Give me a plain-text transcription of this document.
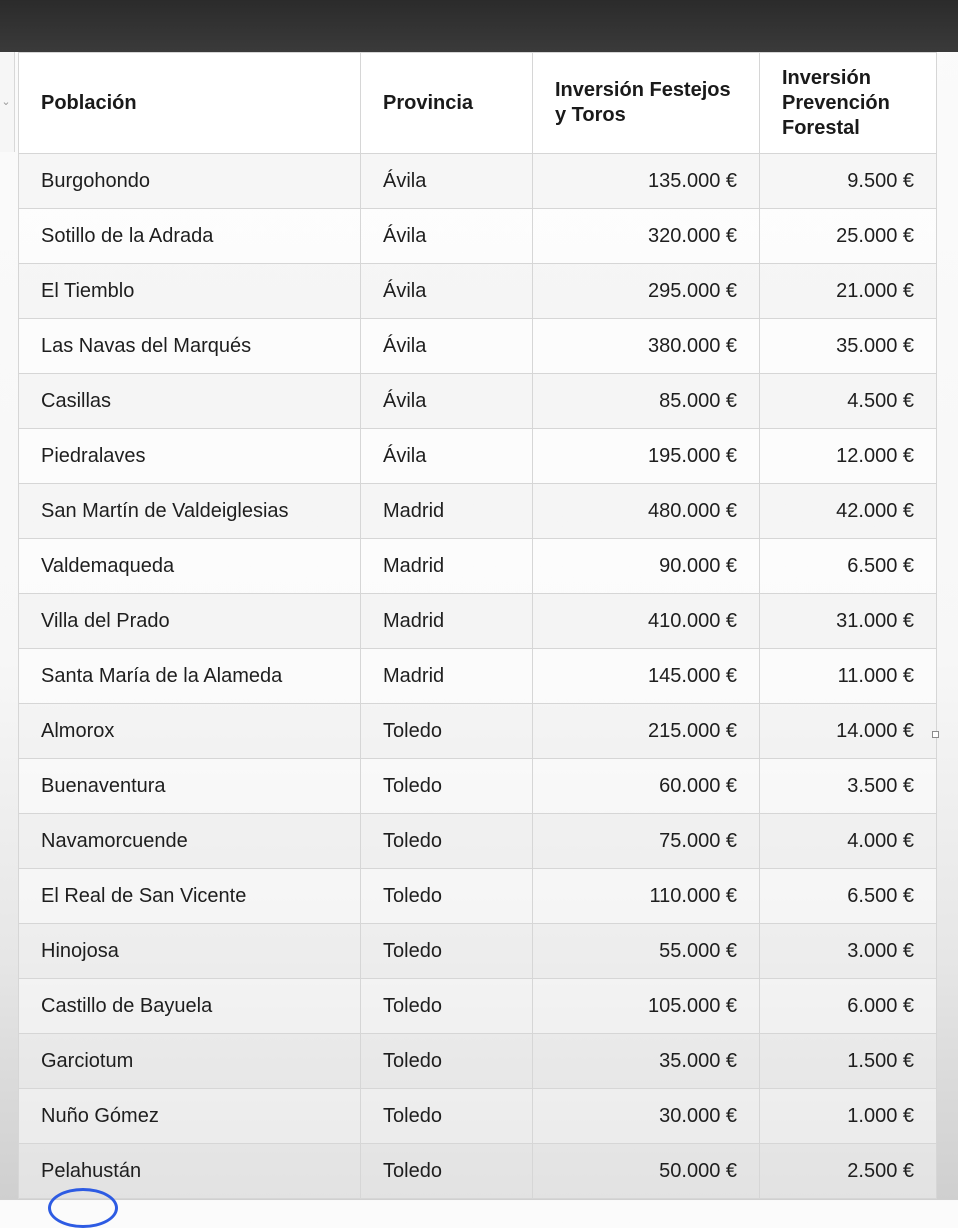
⌄ Población	Provincia	Inversión Festejos y Toros	Inversión Prevención Forestal
Burgohondo	Ávila	135.000 €	9.500 €
Sotillo de la Adrada	Ávila	320.000 €	25.000 €
El Tiemblo	Ávila	295.000 €	21.000 €
Las Navas del Marqués	Ávila	380.000 €	35.000 €
Casillas	Ávila	85.000 €	4.500 €
Piedralaves	Ávila	195.000 €	12.000 €
San Martín de Valdeiglesias	Madrid	480.000 €	42.000 €
Valdemaqueda	Madrid	90.000 €	6.500 €
Villa del Prado	Madrid	410.000 €	31.000 €
Santa María de la Alameda	Madrid	145.000 €	11.000 €
Almorox	Toledo	215.000 €	14.000 €
Buenaventura	Toledo	60.000 €	3.500 €
Navamorcuende	Toledo	75.000 €	4.000 €
El Real de San Vicente	Toledo	110.000 €	6.500 €
Hinojosa	Toledo	55.000 €	3.000 €
Castillo de Bayuela	Toledo	105.000 €	6.000 €
Garciotum	Toledo	35.000 €	1.500 €
Nuño Gómez	Toledo	30.000 €	1.000 €
Pelahustán	Toledo	50.000 €	2.500 €
